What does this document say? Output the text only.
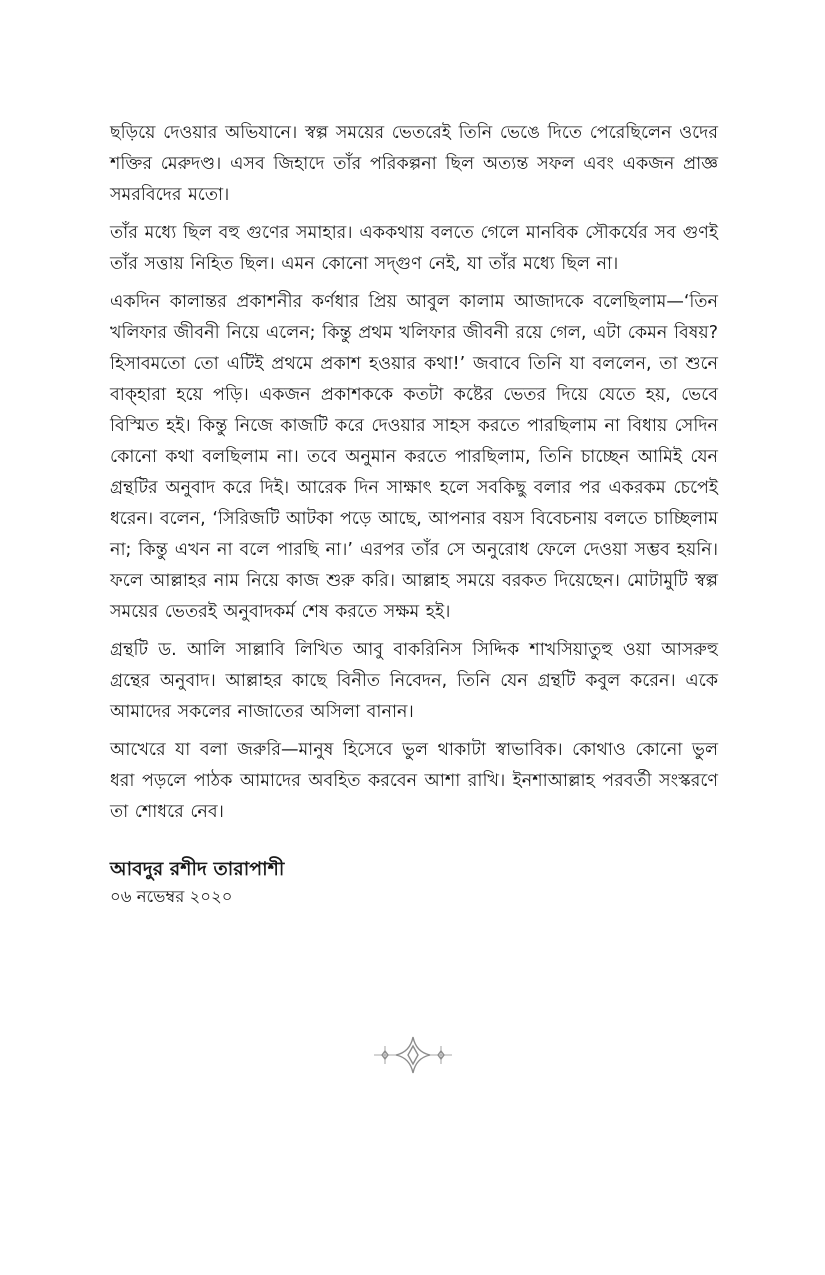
ছড়িয়ে দেওয়ার অভিযানে। স্বল্প সময়ের ভেতরেই তিনি ভেঙে দিতে পেরেছিলেন ওদের শক্তির মেরুদণ্ড। এসব জিহাদে তাঁর পরিকল্পনা ছিল অত্যন্ত সফল এবং একজন প্রাজ্ঞ সমরবিদের মতো।

তাঁর মধ্যে ছিল বহু গুণের সমাহার। এককথায় বলতে গেলে মানবিক সৌকর্যের সব গুণই তাঁর সত্তায় নিহিত ছিল। এমন কোনো সদ্‌গুণ নেই, যা তাঁর মধ্যে ছিল না।

একদিন কালান্তর প্রকাশনীর কর্ণধার প্রিয় আবুল কালাম আজাদকে বলেছিলাম—‘তিন খলিফার জীবনী নিয়ে এলেন; কিন্তু প্রথম খলিফার জীবনী রয়ে গেল, এটা কেমন বিষয়? হিসাবমতো তো এটিই প্রথমে প্রকাশ হওয়ার কথা!’ জবাবে তিনি যা বললেন, তা শুনে বাক্‌হারা হয়ে পড়ি। একজন প্রকাশককে কতটা কষ্টের ভেতর দিয়ে যেতে হয়, ভেবে বিস্মিত হই। কিন্তু নিজে কাজটি করে দেওয়ার সাহস করতে পারছিলাম না বিধায় সেদিন কোনো কথা বলছিলাম না। তবে অনুমান করতে পারছিলাম, তিনি চাচ্ছেন আমিই যেন গ্রন্থটির অনুবাদ করে দিই। আরেক দিন সাক্ষাৎ হলে সবকিছু বলার পর একরকম চেপেই ধরেন। বলেন, ‘সিরিজটি আটকা পড়ে আছে, আপনার বয়স বিবেচনায় বলতে চাচ্ছিলাম না; কিন্তু এখন না বলে পারছি না।’ এরপর তাঁর সে অনুরোধ ফেলে দেওয়া সম্ভব হয়নি। ফলে আল্লাহর নাম নিয়ে কাজ শুরু করি। আল্লাহ সময়ে বরকত দিয়েছেন। মোটামুটি স্বল্প সময়ের ভেতরই অনুবাদকর্ম শেষ করতে সক্ষম হই।

গ্রন্থটি ড. আলি সাল্লাবি লিখিত আবু বাকরিনিস সিদ্দিক শাখসিয়াতুহু ওয়া আসরুহু গ্রন্থের অনুবাদ। আল্লাহর কাছে বিনীত নিবেদন, তিনি যেন গ্রন্থটি কবুল করেন। একে আমাদের সকলের নাজাতের অসিলা বানান।

আখেরে যা বলা জরুরি—মানুষ হিসেবে ভুল থাকাটা স্বাভাবিক। কোথাও কোনো ভুল ধরা পড়লে পাঠক আমাদের অবহিত করবেন আশা রাখি। ইনশাআল্লাহ পরবর্তী সংস্করণে তা শোধরে নেব।

আবদুর রশীদ তারাপাশী

০৬ নভেম্বর ২০২০
